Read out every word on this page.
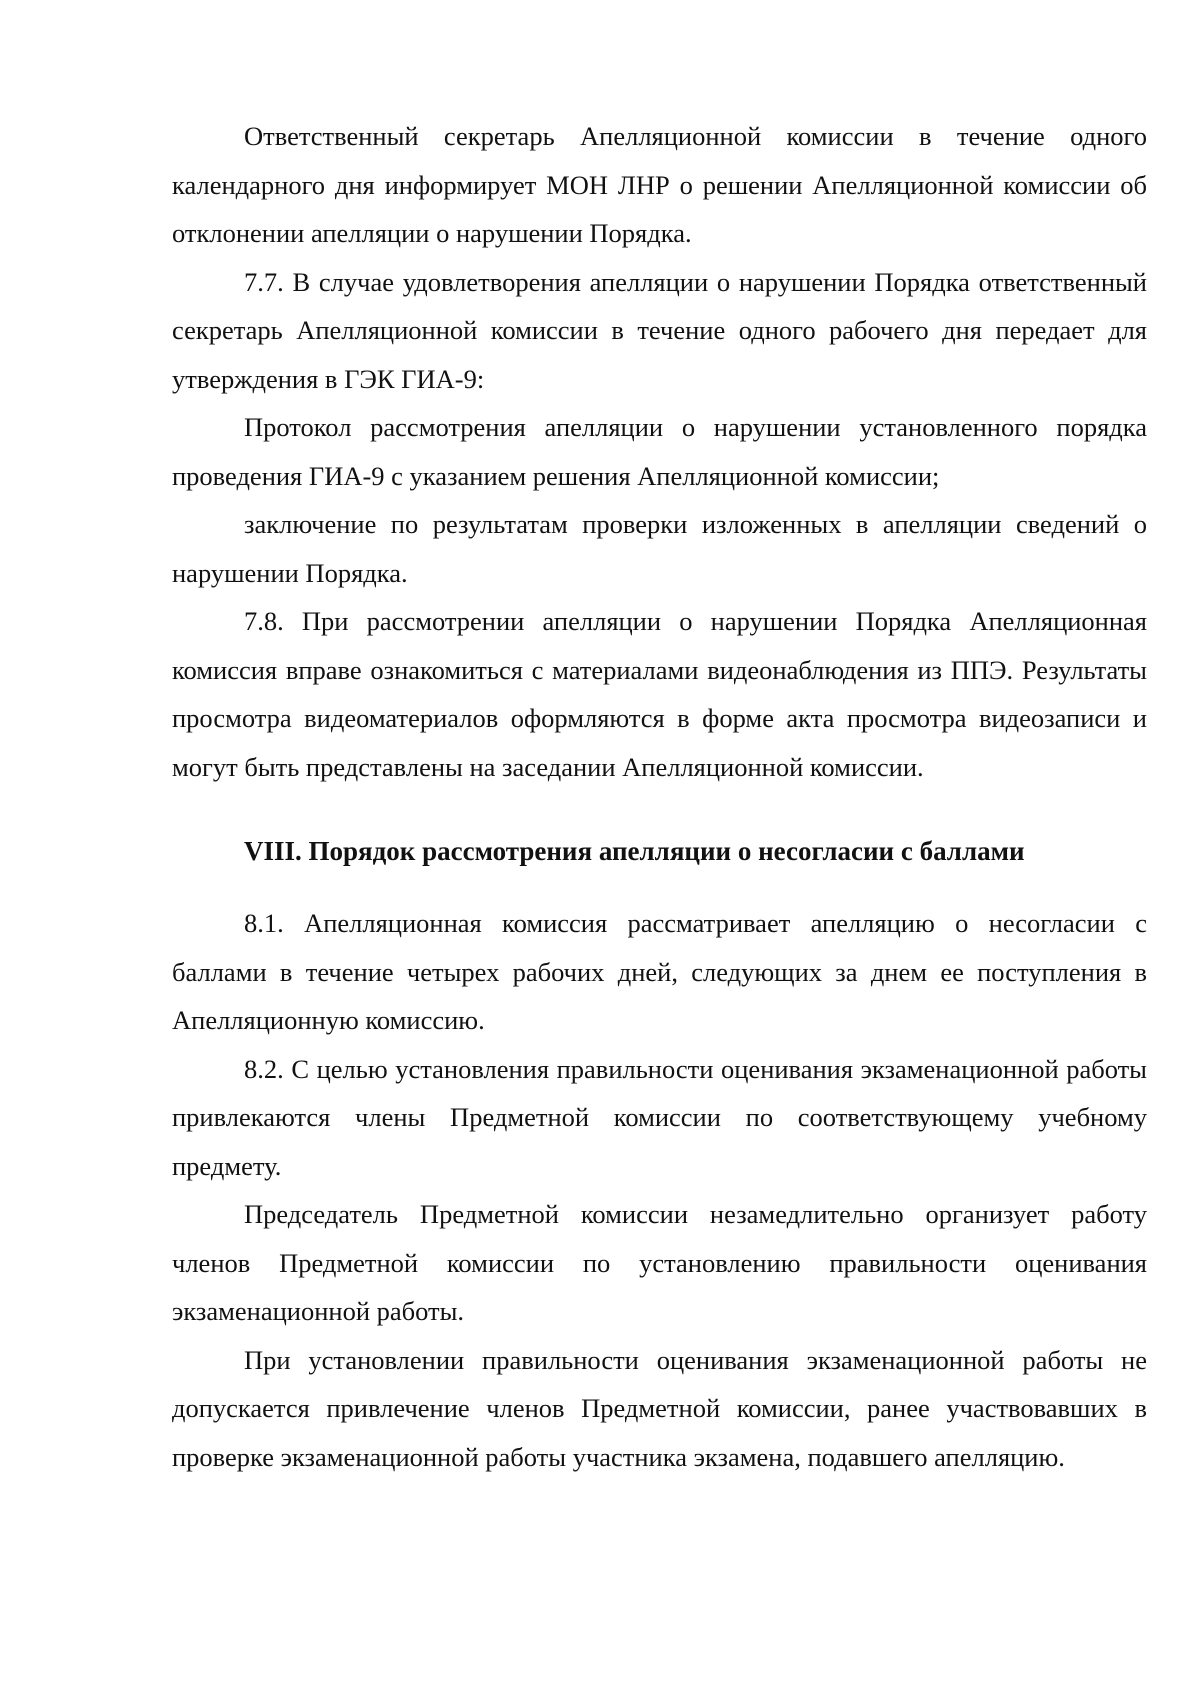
Ответственный секретарь Апелляционной комиссии в течение одного календарного дня информирует МОН ЛНР о решении Апелляционной комиссии об отклонении апелляции о нарушении Порядка.

7.7. В случае удовлетворения апелляции о нарушении Порядка ответственный секретарь Апелляционной комиссии в течение одного рабочего дня передает для утверждения в ГЭК ГИА-9:

Протокол рассмотрения апелляции о нарушении установленного порядка проведения ГИА-9 с указанием решения Апелляционной комиссии;

заключение по результатам проверки изложенных в апелляции сведений о нарушении Порядка.

7.8. При рассмотрении апелляции о нарушении Порядка Апелляционная комиссия вправе ознакомиться с материалами видеонаблюдения из ППЭ. Результаты просмотра видеоматериалов оформляются в форме акта просмотра видеозаписи и могут быть представлены на заседании Апелляционной комиссии.

VIII. Порядок рассмотрения апелляции о несогласии с баллами

8.1. Апелляционная комиссия рассматривает апелляцию о несогласии с баллами в течение четырех рабочих дней, следующих за днем ее поступления в Апелляционную комиссию.

8.2. С целью установления правильности оценивания экзаменационной работы привлекаются члены Предметной комиссии по соответствующему учебному предмету.

Председатель Предметной комиссии незамедлительно организует работу членов Предметной комиссии по установлению правильности оценивания экзаменационной работы.

При установлении правильности оценивания экзаменационной работы не допускается привлечение членов Предметной комиссии, ранее участвовавших в проверке экзаменационной работы участника экзамена, подавшего апелляцию.
